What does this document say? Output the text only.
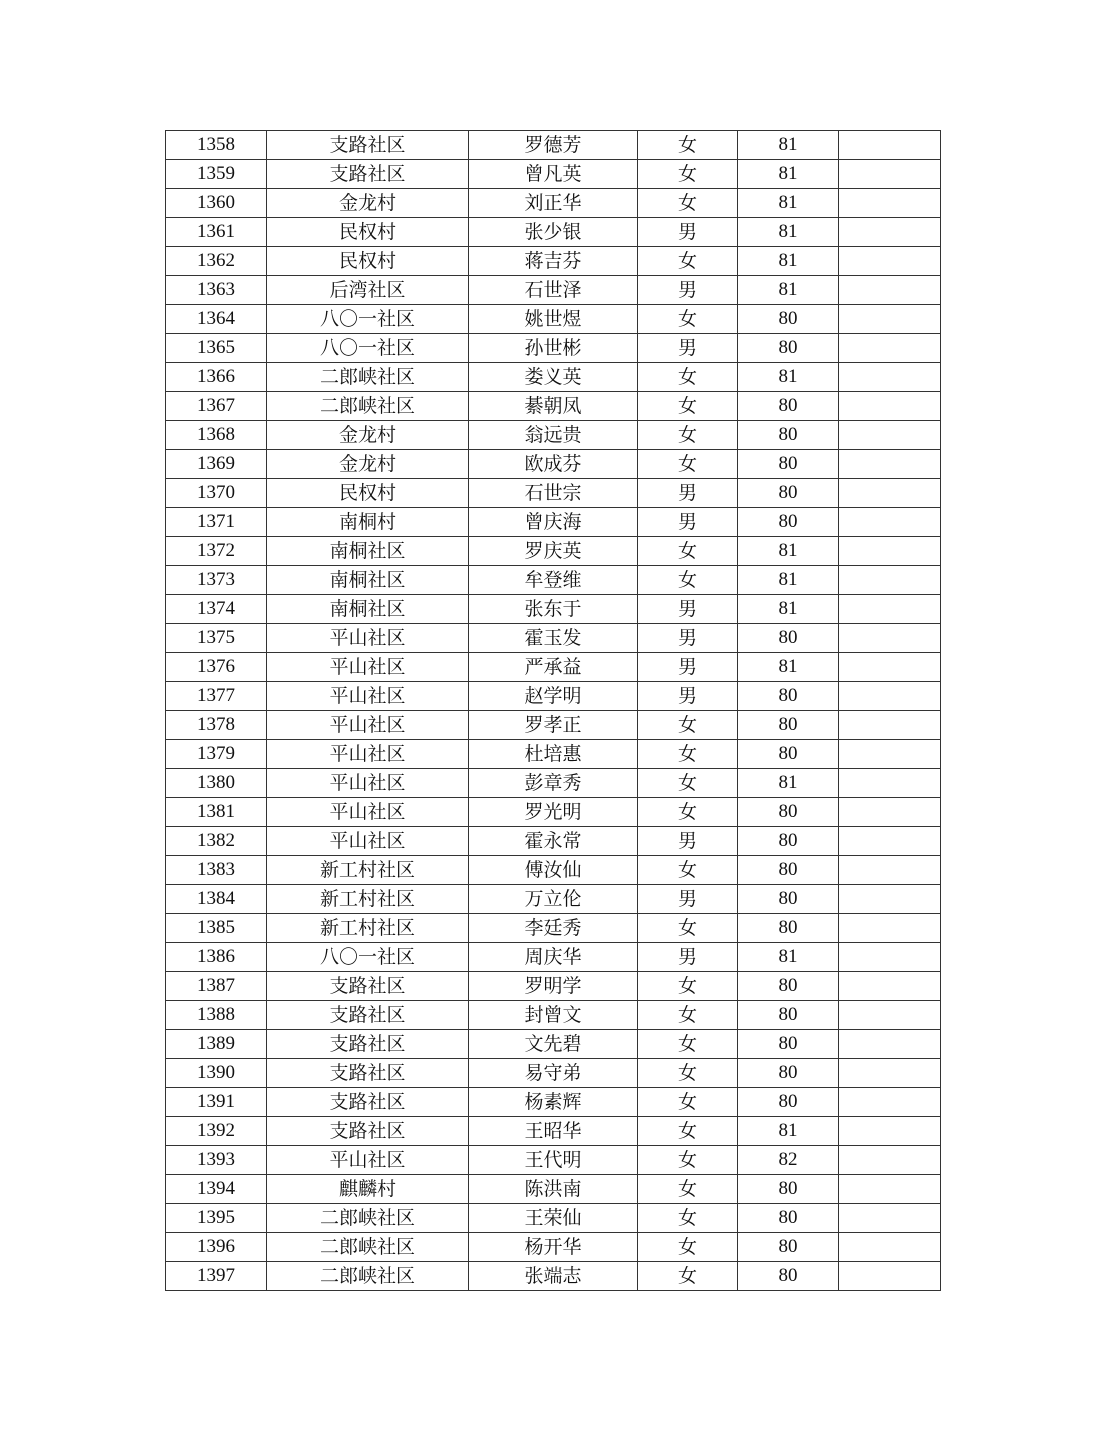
1358	支路社区	罗德芳	女	81	
1359	支路社区	曾凡英	女	81	
1360	金龙村	刘正华	女	81	
1361	民权村	张少银	男	81	
1362	民权村	蒋吉芬	女	81	
1363	后湾社区	石世泽	男	81	
1364	八〇一社区	姚世煜	女	80	
1365	八〇一社区	孙世彬	男	80	
1366	二郎峡社区	娄义英	女	81	
1367	二郎峡社区	綦朝凤	女	80	
1368	金龙村	翁远贵	女	80	
1369	金龙村	欧成芬	女	80	
1370	民权村	石世宗	男	80	
1371	南桐村	曾庆海	男	80	
1372	南桐社区	罗庆英	女	81	
1373	南桐社区	牟登维	女	81	
1374	南桐社区	张东于	男	81	
1375	平山社区	霍玉发	男	80	
1376	平山社区	严承益	男	81	
1377	平山社区	赵学明	男	80	
1378	平山社区	罗孝正	女	80	
1379	平山社区	杜培惠	女	80	
1380	平山社区	彭章秀	女	81	
1381	平山社区	罗光明	女	80	
1382	平山社区	霍永常	男	80	
1383	新工村社区	傅汝仙	女	80	
1384	新工村社区	万立伦	男	80	
1385	新工村社区	李廷秀	女	80	
1386	八〇一社区	周庆华	男	81	
1387	支路社区	罗明学	女	80	
1388	支路社区	封曾文	女	80	
1389	支路社区	文先碧	女	80	
1390	支路社区	易守弟	女	80	
1391	支路社区	杨素辉	女	80	
1392	支路社区	王昭华	女	81	
1393	平山社区	王代明	女	82	
1394	麒麟村	陈洪南	女	80	
1395	二郎峡社区	王荣仙	女	80	
1396	二郎峡社区	杨开华	女	80	
1397	二郎峡社区	张端志	女	80	
